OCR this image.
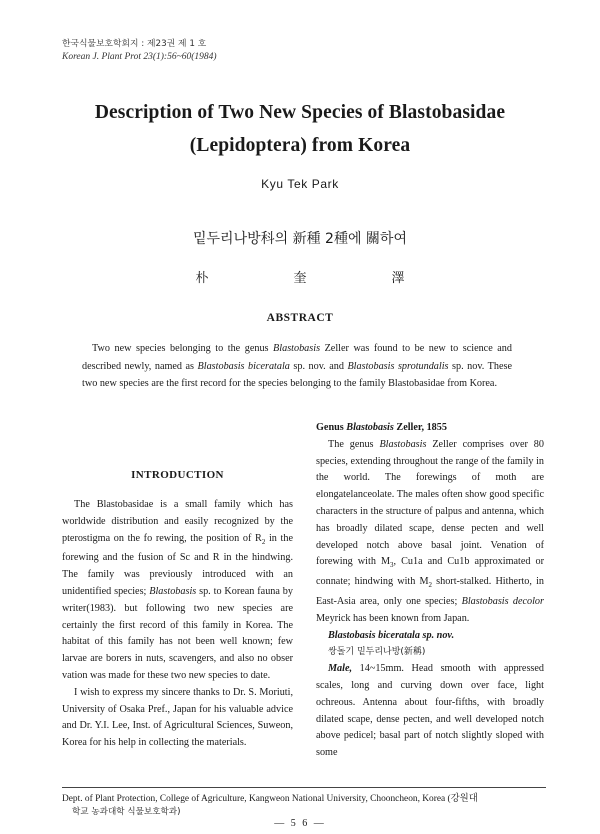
한국식물보호학회지 : 제23권 제 1 호
Korean J. Plant Prot 23(1):56~60(1984)
Description of Two New Species of Blastobasidae
(Lepidoptera) from Korea
Kyu Tek Park
밑두리나방科의 新種 2種에 關하여
朴	奎	澤
ABSTRACT
Two new species belonging to the genus Blastobasis Zeller was found to be new to science and described newly, named as Blastobasis biceratala sp. nov. and Blastobasis sprotundalis sp. nov. These two new species are the first record for the species belonging to the family Blastobasidae from Korea.
INTRODUCTION

The Blastobasidae is a small family which has worldwide distribution and easily recognized by the pterostigma on the fo rewing, the position of $R_2$ in the forewing and the fusion of Sc and R in the hindwing. The family was previously introduced with an unidentified species; Blastobasis sp. to Korean fauna by writer(1983). but following two new species are certainly the first record of this family in Korea. The habitat of this family has not been well known; few larvae are borers in nuts, scavengers, and also no obser vation was made for these two new species to date.

I wish to express my sincere thanks to Dr. S. Moriuti, University of Osaka Pref., Japan for his valuable advice and Dr. Y.I. Lee, Inst. of Agricultural Sciences, Suweon, Korea for his help in collecting the materials.

Genus Blastobasis Zeller, 1855

The genus Blastobasis Zeller comprises over 80 species, extending throughout the range of the family in the world. The forewings of moth are elongatelanceolate. The males often show good specific characters in the structure of palpus and antenna, which has broadly dilated scape, dense pecten and well developed notch above basal joint. Venation of forewing with $M_3$, Cu1a and Cu1b approximated or connate; hindwing with $M_2$ short-stalked. Hitherto, in East-Asia area, only one species; Blastobasis decolor Meyrick has been known from Japan.

Blastobasis biceratala sp. nov.

쌍돌기 밑두리나방(新稱)

Male, 14~15mm. Head smooth with appressed scales, long and curving down over face, light ochreous. Antenna about four-fifths, with broadly dilated scape, dense pecten, and well developed notch above pedicel; basal part of notch slightly sloped with some

Dept. of Plant Protection, College of Agriculture, Kangweon National University, Chooncheon, Korea (강원대
학교 농과대학 식물보호학과)
— 5 6 —
